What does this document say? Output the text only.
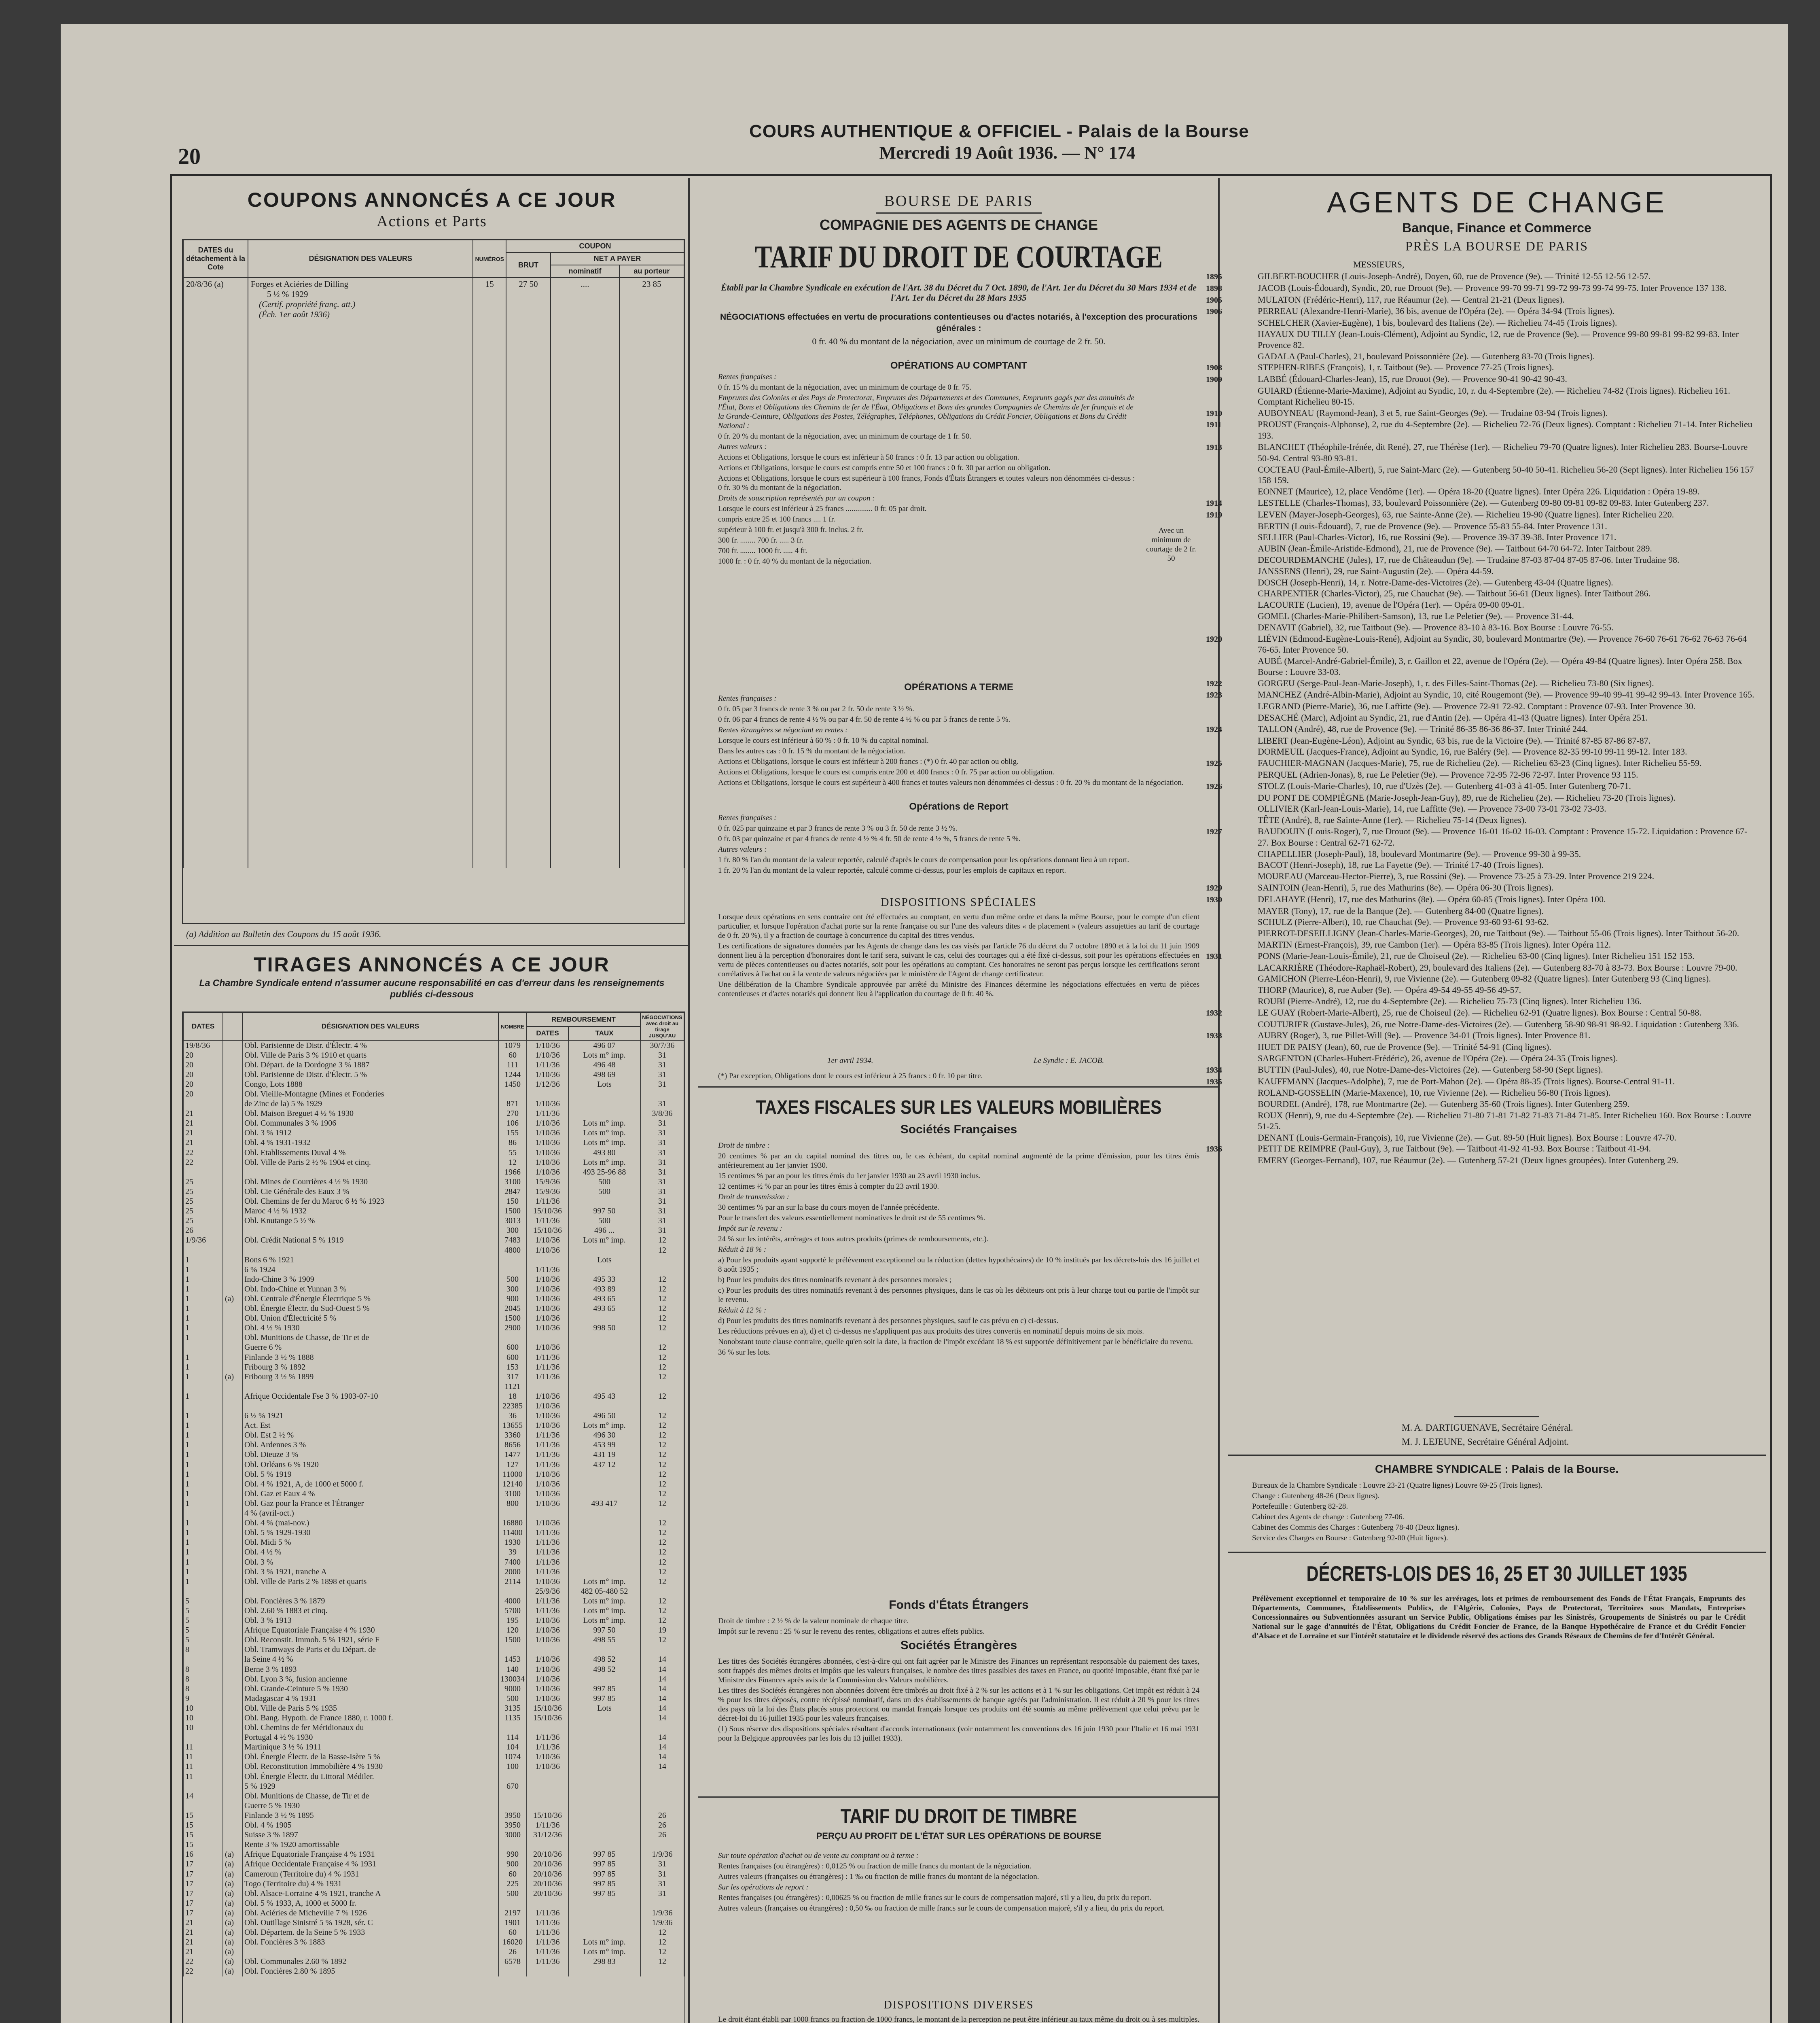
20
COURS AUTHENTIQUE & OFFICIEL - Palais de la Bourse
Mercredi 19 Août 1936. — N° 174
COUPONS ANNONCÉS A CE JOUR
Actions et Parts
DATES du détachement à la Cote	DÉSIGNATION DES VALEURS	NUMÉROS	COUPON		
			BRUT	NET A PAYER	
				nominatif	au porteur
20/8/36 (a)	Forges et Aciéries de Dilling
5 ½ % 1929
(Certif. propriété franç. att.)
(Éch. 1er août 1936)	15	27 50	....	23 85
(a) Addition au Bulletin des Coupons du 15 août 1936.
TIRAGES ANNONCÉS A CE JOUR
La Chambre Syndicale entend n'assumer aucune responsabilité en cas d'erreur dans les renseignements publiés ci-dessous
DATES		DÉSIGNATION DES VALEURS	NOMBRE	REMBOURSEMENT		NÉGOCIATIONS avec droit au tirage JUSQU'AU
				DATES	TAUX	
19/8/36		Obl. Parisienne de Distr. d'Électr. 4 %	1079	1/10/36	496 07	30/7/36
20		Obl. Ville de Paris 3 % 1910 et quarts	60	1/10/36	Lots m° imp.	31
20		Obl. Départ. de la Dordogne 3 % 1887	111	1/11/36	496 48	31
20		Obl. Parisienne de Distr. d'Électr. 5 %	1244	1/10/36	498 69	31
20		Congo, Lots 1888	1450	1/12/36	Lots	31
20		Obl. Vieille-Montagne (Mines et Fonderies				
		de Zinc de la) 5 % 1929	871	1/10/36		31
21		Obl. Maison Breguet 4 ½ % 1930	270	1/11/36		3/8/36
21		Obl. Communales 3 % 1906	106	1/10/36	Lots m° imp.	31
21		Obl. 3 % 1912	155	1/10/36	Lots m° imp.	31
21		Obl. 4 % 1931-1932	86	1/10/36	Lots m° imp.	31
22		Obl. Etablissements Duval 4 %	55	1/10/36	493 80	31
22		Obl. Ville de Paris 2 ½ % 1904 et cinq.	12	1/10/36	Lots m° imp.	31
			1966	1/10/36	493 25-96 88	31
25		Obl. Mines de Courrières 4 ½ % 1930	3100	15/9/36	500	31
25		Obl. Cie Générale des Eaux 3 %	2847	15/9/36	500	31
25		Obl. Chemins de fer du Maroc 6 ½ % 1923	150	1/11/36		31
25		Maroc 4 ½ % 1932	1500	15/10/36	997 50	31
25		Obl. Knutange 5 ½ %	3013	1/11/36	500	31
26			300	15/10/36	496 ...	31
1/9/36		Obl. Crédit National 5 % 1919	7483	1/10/36	Lots m° imp.	12
			4800	1/10/36		12
1		Bons 6 % 1921			Lots	
1		6 % 1924		1/11/36		
1		Indo-Chine 3 % 1909	500	1/10/36	495 33	12
1		Obl. Indo-Chine et Yunnan 3 %	300	1/10/36	493 89	12
1	(a)	Obl. Centrale d'Énergie Électrique 5 %	900	1/10/36	493 65	12
1		Obl. Énergie Électr. du Sud-Ouest 5 %	2045	1/10/36	493 65	12
1		Obl. Union d'Électricité 5 %	1500	1/10/36		12
1		Obl. 4 ½ % 1930	2900	1/10/36	998 50	12
1		Obl. Munitions de Chasse, de Tir et de				
		Guerre 6 %	600	1/10/36		12
1		Finlande 3 ½ % 1888	600	1/11/36		12
1		Fribourg 3 % 1892	153	1/11/36		12
1	(a)	Fribourg 3 ½ % 1899	317	1/11/36		12
			1121			
1		Afrique Occidentale Fse 3 % 1903-07-10	18	1/10/36	495 43	12
			22385	1/10/36		
1		6 ½ % 1921	36	1/10/36	496 50	12
1		Act. Est	13655	1/10/36	Lots m° imp.	12
1		Obl. Est 2 ½ %	3360	1/11/36	496 30	12
1		Obl. Ardennes 3 %	8656	1/11/36	453 99	12
1		Obl. Dieuze 3 %	1477	1/11/36	431 19	12
1		Obl. Orléans 6 % 1920	127	1/11/36	437 12	12
1		Obl. 5 % 1919	11000	1/10/36		12
1		Obl. 4 % 1921, A, de 1000 et 5000 f.	12140	1/10/36		12
1		Obl. Gaz et Eaux 4 %	3100	1/10/36		12
1		Obl. Gaz pour la France et l'Étranger	800	1/10/36	493 417	12
		4 % (avril-oct.)				
1		Obl. 4 % (mai-nov.)	16880	1/10/36		12
1		Obl. 5 % 1929-1930	11400	1/11/36		12
1		Obl. Midi 5 %	1930	1/11/36		12
1		Obl. 4 ½ %	39	1/11/36		12
1		Obl. 3 %	7400	1/11/36		12
1		Obl. 3 % 1921, tranche A	2000	1/11/36		12
1		Obl. Ville de Paris 2 % 1898 et quarts	2114	1/10/36	Lots m° imp.	12
				25/9/36	482 05-480 52	
5		Obl. Foncières 3 % 1879	4000	1/11/36	Lots m° imp.	12
5		Obl. 2.60 % 1883 et cinq.	5700	1/11/36	Lots m° imp.	12
5		Obl. 3 % 1913	195	1/10/36	Lots m° imp.	12
5		Afrique Equatoriale Française 4 % 1930	120	1/10/36	997 50	19
5		Obl. Reconstit. Immob. 5 % 1921, série F	1500	1/10/36	498 55	12
8		Obl. Tramways de Paris et du Départ. de				
		la Seine 4 ½ %	1453	1/10/36	498 52	14
8		Berne 3 % 1893	140	1/10/36	498 52	14
8		Obl. Lyon 3 %, fusion ancienne	130034	1/10/36		14
8		Obl. Grande-Ceinture 5 % 1930	9000	1/10/36	997 85	14
9		Madagascar 4 % 1931	500	1/10/36	997 85	14
10		Obl. Ville de Paris 5 % 1935	3135	15/10/36	Lots	14
10		Obl. Bang. Hypoth. de France 1880, r. 1000 f.	1135	15/10/36		14
10		Obl. Chemins de fer Méridionaux du				
		Portugal 4 ½ % 1930	114	1/11/36		14
11		Martinique 3 ½ % 1911	104	1/11/36		14
11		Obl. Énergie Électr. de la Basse-Isère 5 %	1074	1/10/36		14
11		Obl. Reconstitution Immobilière 4 % 1930	100	1/10/36		14
11		Obl. Énergie Électr. du Littoral Médiler.				
		5 % 1929	670			
14		Obl. Munitions de Chasse, de Tir et de				
		Guerre 5 % 1930				
15		Finlande 3 ½ % 1895	3950	15/10/36		26
15		Obl. 4 % 1905	3950	1/11/36		26
15		Suisse 3 % 1897	3000	31/12/36		26
15		Rente 3 % 1920 amortissable				
16	(a)	Afrique Equatoriale Française 4 % 1931	990	20/10/36	997 85	1/9/36
17	(a)	Afrique Occidentale Française 4 % 1931	900	20/10/36	997 85	31
17	(a)	Cameroun (Territoire du) 4 % 1931	60	20/10/36	997 85	31
17	(a)	Togo (Territoire du) 4 % 1931	225	20/10/36	997 85	31
17	(a)	Obl. Alsace-Lorraine 4 % 1921, tranche A	500	20/10/36	997 85	31
17	(a)	Obl. 5 % 1933, A, 1000 et 5000 fr.				
17	(a)	Obl. Aciéries de Micheville 7 % 1926	2197	1/11/36		1/9/36
21	(a)	Obl. Outillage Sinistré 5 % 1928, sér. C	1901	1/11/36		1/9/36
21	(a)	Obl. Départem. de la Seine 5 % 1933	60	1/11/36		12
21	(a)	Obl. Foncières 3 % 1883	16020	1/11/36	Lots m° imp.	12
21	(a)		26	1/11/36	Lots m° imp.	12
22	(a)	Obl. Communales 2.60 % 1892	6578	1/11/36	298 83	12
22	(a)	Obl. Foncières 2.80 % 1895				
BOURSE DE PARIS
COMPAGNIE DES AGENTS DE CHANGE
TARIF DU DROIT DE COURTAGE
Établi par la Chambre Syndicale en exécution de l'Art. 38 du Décret du 7 Oct. 1890, de l'Art. 1er du Décret du 30 Mars 1934 et de l'Art. 1er du Décret du 28 Mars 1935
NÉGOCIATIONS effectuées en vertu de procurations contentieuses ou d'actes notariés, à l'exception des procurations générales :
0 fr. 40 % du montant de la négociation, avec un minimum de courtage de 2 fr. 50.
OPÉRATIONS AU COMPTANT
Rentes françaises :
0 fr. 15 % du montant de la négociation, avec un minimum de courtage de 0 fr. 75.
Emprunts des Colonies et des Pays de Protectorat, Emprunts des Départements et des Communes, Emprunts gagés par des annuités de l'État, Bons et Obligations des Chemins de fer de l'État, Obligations et Bons des grandes Compagnies de Chemins de fer français et de la Grande-Ceinture, Obligations des Postes, Télégraphes, Téléphones, Obligations du Crédit Foncier, Obligations et Bons du Crédit National :
0 fr. 20 % du montant de la négociation, avec un minimum de courtage de 1 fr. 50.
Autres valeurs :
Actions et Obligations, lorsque le cours est inférieur à 50 francs : 0 fr. 13 par action ou obligation.
Actions et Obligations, lorsque le cours est compris entre 50 et 100 francs : 0 fr. 30 par action ou obligation.
Actions et Obligations, lorsque le cours est supérieur à 100 francs, Fonds d'États Étrangers et toutes valeurs non dénommées ci-dessus : 0 fr. 30 % du montant de la négociation.
Droits de souscription représentés par un coupon :
Lorsque le cours est inférieur à 25 francs .............. 0 fr. 05 par droit.
compris entre 25 et 100 francs .... 1 fr.
supérieur à 100 fr. et jusqu'à 300 fr. inclus. 2 fr.
300 fr. ........ 700 fr. ..... 3 fr.
700 fr. ........ 1000 fr. ..... 4 fr.
1000 fr. : 0 fr. 40 % du montant de la négociation.
Avec un minimum de courtage de 2 fr. 50
OPÉRATIONS A TERME
Rentes françaises :
0 fr. 05 par 3 francs de rente 3 % ou par 2 fr. 50 de rente 3 ½ %.
0 fr. 06 par 4 francs de rente 4 ½ % ou par 4 fr. 50 de rente 4 ½ % ou par 5 francs de rente 5 %.
Rentes étrangères se négociant en rentes :
Lorsque le cours est inférieur à 60 % : 0 fr. 10 % du capital nominal.
Dans les autres cas : 0 fr. 15 % du montant de la négociation.
Actions et Obligations, lorsque le cours est inférieur à 200 francs : (*) 0 fr. 40 par action ou oblig.
Actions et Obligations, lorsque le cours est compris entre 200 et 400 francs : 0 fr. 75 par action ou obligation.
Actions et Obligations, lorsque le cours est supérieur à 400 francs et toutes valeurs non dénommées ci-dessus : 0 fr. 20 % du montant de la négociation.
Opérations de Report
Rentes françaises :
0 fr. 025 par quinzaine et par 3 francs de rente 3 % ou 3 fr. 50 de rente 3 ½ %.
0 fr. 03 par quinzaine et par 4 francs de rente 4 ½ % 4 fr. 50 de rente 4 ½ %, 5 francs de rente 5 %.
Autres valeurs :
1 fr. 80 % l'an du montant de la valeur reportée, calculé d'après le cours de compensation pour les opérations donnant lieu à un report.
1 fr. 20 % l'an du montant de la valeur reportée, calculé comme ci-dessus, pour les emplois de capitaux en report.
DISPOSITIONS SPÉCIALES
Lorsque deux opérations en sens contraire ont été effectuées au comptant, en vertu d'un même ordre et dans la même Bourse, pour le compte d'un client particulier, et lorsque l'opération d'achat porte sur la rente française ou sur l'une des valeurs dites « de placement » (valeurs assujetties au tarif de courtage de 0 fr. 20 %), il y a fraction de courtage à concurrence du capital des titres vendus.
Les certifications de signatures données par les Agents de change dans les cas visés par l'article 76 du décret du 7 octobre 1890 et à la loi du 11 juin 1909 donnent lieu à la perception d'honoraires dont le tarif sera, suivant le cas, celui des courtages qui a été fixé ci-dessus, soit pour les opérations effectuées en vertu de pièces contentieuses ou d'actes notariés, soit pour les opérations au comptant. Ces honoraires ne seront pas perçus lorsque les certifications seront corrélatives à l'achat ou à la vente de valeurs négociées par le ministère de l'Agent de change certificateur.
Une délibération de la Chambre Syndicale approuvée par arrêté du Ministre des Finances détermine les négociations effectuées en vertu de pièces contentieuses et d'actes notariés qui donnent lieu à l'application du courtage de 0 fr. 40 %.
1er avril 1934.	Le Syndic : E. JACOB.
(*) Par exception, Obligations dont le cours est inférieur à 25 francs : 0 fr. 10 par titre.
TAXES FISCALES SUR LES VALEURS MOBILIÈRES
Sociétés Françaises
Droit de timbre :
20 centimes % par an du capital nominal des titres ou, le cas échéant, du capital nominal augmenté de la prime d'émission, pour les titres émis antérieurement au 1er janvier 1930.
15 centimes % par an pour les titres émis du 1er janvier 1930 au 23 avril 1930 inclus.
12 centimes ½ % par an pour les titres émis à compter du 23 avril 1930.
Droit de transmission :
30 centimes % par an sur la base du cours moyen de l'année précédente.
Pour le transfert des valeurs essentiellement nominatives le droit est de 55 centimes %.
Impôt sur le revenu :
24 % sur les intérêts, arrérages et tous autres produits (primes de remboursements, etc.).
Réduit à 18 % :
a) Pour les produits ayant supporté le prélèvement exceptionnel ou la réduction (dettes hypothécaires) de 10 % institués par les décrets-lois des 16 juillet et 8 août 1935 ;
b) Pour les produits des titres nominatifs revenant à des personnes morales ;
c) Pour les produits des titres nominatifs revenant à des personnes physiques, dans le cas où les débiteurs ont pris à leur charge tout ou partie de l'impôt sur le revenu.
Réduit à 12 % :
d) Pour les produits des titres nominatifs revenant à des personnes physiques, sauf le cas prévu en c) ci-dessus.
Les réductions prévues en a), d) et c) ci-dessus ne s'appliquent pas aux produits des titres convertis en nominatif depuis moins de six mois.
Nonobstant toute clause contraire, quelle qu'en soit la date, la fraction de l'impôt excédant 18 % est supportée définitivement par le bénéficiaire du revenu.
36 % sur les lots.
Fonds d'États Étrangers
Droit de timbre : 2 ½ % de la valeur nominale de chaque titre.
Impôt sur le revenu : 25 % sur le revenu des rentes, obligations et autres effets publics.
Sociétés Étrangères
Les titres des Sociétés étrangères abonnées, c'est-à-dire qui ont fait agréer par le Ministre des Finances un représentant responsable du paiement des taxes, sont frappés des mêmes droits et impôts que les valeurs françaises, le nombre des titres passibles des taxes en France, ou quotité imposable, étant fixé par le Ministre des Finances après avis de la Commission des Valeurs mobilières.
Les titres des Sociétés étrangères non abonnées doivent être timbrés au droit fixé à 2 % sur les actions et à 1 % sur les obligations. Cet impôt est réduit à 24 % pour les titres déposés, contre récépissé nominatif, dans un des établissements de banque agréés par l'administration. Il est réduit à 20 % pour les titres des pays où la loi des États placés sous protectorat ou mandat français lorsque ces produits ont été soumis au même prélèvement que celui prévu par le décret-loi du 16 juillet 1935 pour les valeurs françaises.
(1) Sous réserve des dispositions spéciales résultant d'accords internationaux (voir notamment les conventions des 16 juin 1930 pour l'Italie et 16 mai 1931 pour la Belgique approuvées par les lois du 13 juillet 1933).
TARIF DU DROIT DE TIMBRE
PERÇU AU PROFIT DE L'ÉTAT SUR LES OPÉRATIONS DE BOURSE
Sur toute opération d'achat ou de vente au comptant ou à terme :
Rentes françaises (ou étrangères) : 0,0125 % ou fraction de mille francs du montant de la négociation.
Autres valeurs (françaises ou étrangères) : 1 ‰ ou fraction de mille francs du montant de la négociation.
Sur les opérations de report :
Rentes françaises (ou étrangères) : 0,00625 % ou fraction de mille francs sur le cours de compensation majoré, s'il y a lieu, du prix du report.
Autres valeurs (françaises ou étrangères) : 0,50 ‰ ou fraction de mille francs sur le cours de compensation majoré, s'il y a lieu, du prix du report.
DISPOSITIONS DIVERSES
Le droit étant établi par 1000 francs ou fraction de 1000 francs, le montant de la perception ne peut être inférieur au taux même du droit ou à ses multiples.
AGENTS DE CHANGE
Banque, Finance et Commerce
PRÈS LA BOURSE DE PARIS
MESSIEURS,
1895	GILBERT-BOUCHER (Louis-Joseph-André), Doyen, 60, rue de Provence (9e). — Trinité 12-55 12-56 12-57.
1898	JACOB (Louis-Édouard), Syndic, 20, rue Drouot (9e). — Provence 99-70 99-71 99-72 99-73 99-74 99-75. Inter Provence 137 138.
1905	MULATON (Frédéric-Henri), 117, rue Réaumur (2e). — Central 21-21 (Deux lignes).
1906	PERREAU (Alexandre-Henri-Marie), 36 bis, avenue de l'Opéra (2e). — Opéra 34-94 (Trois lignes).
SCHELCHER (Xavier-Eugène), 1 bis, boulevard des Italiens (2e). — Richelieu 74-45 (Trois lignes).
HAYAUX DU TILLY (Jean-Louis-Clément), Adjoint au Syndic, 12, rue de Provence (9e). — Provence 99-80 99-81 99-82 99-83. Inter Provence 82.
GADALA (Paul-Charles), 21, boulevard Poissonnière (2e). — Gutenberg 83-70 (Trois lignes).
1908	STEPHEN-RIBES (François), 1, r. Taitbout (9e). — Provence 77-25 (Trois lignes).
1909	LABBÉ (Édouard-Charles-Jean), 15, rue Drouot (9e). — Provence 90-41 90-42 90-43.
GUIARD (Étienne-Marie-Maxime), Adjoint au Syndic, 10, r. du 4-Septembre (2e). — Richelieu 74-82 (Trois lignes). Richelieu 161. Comptant Richelieu 80-15.
1910	AUBOYNEAU (Raymond-Jean), 3 et 5, rue Saint-Georges (9e). — Trudaine 03-94 (Trois lignes).
1911	PROUST (François-Alphonse), 2, rue du 4-Septembre (2e). — Richelieu 72-76 (Deux lignes). Comptant : Richelieu 71-14. Inter Richelieu 193.
1913	BLANCHET (Théophile-Irénée, dit René), 27, rue Thérèse (1er). — Richelieu 79-70 (Quatre lignes). Inter Richelieu 283. Bourse-Louvre 50-94. Central 93-80 93-81.
COCTEAU (Paul-Émile-Albert), 5, rue Saint-Marc (2e). — Gutenberg 50-40 50-41. Richelieu 56-20 (Sept lignes). Inter Richelieu 156 157 158 159.
EONNET (Maurice), 12, place Vendôme (1er). — Opéra 18-20 (Quatre lignes). Inter Opéra 226. Liquidation : Opéra 19-89.
1914	LESTELLE (Charles-Thomas), 33, boulevard Poissonnière (2e). — Gutenberg 09-80 09-81 09-82 09-83. Inter Gutenberg 237.
1919	LEVEN (Mayer-Joseph-Georges), 63, rue Sainte-Anne (2e). — Richelieu 19-90 (Quatre lignes). Inter Richelieu 220.
BERTIN (Louis-Édouard), 7, rue de Provence (9e). — Provence 55-83 55-84. Inter Provence 131.
SELLIER (Paul-Charles-Victor), 16, rue Rossini (9e). — Provence 39-37 39-38. Inter Provence 171.
AUBIN (Jean-Émile-Aristide-Edmond), 21, rue de Provence (9e). — Taitbout 64-70 64-72. Inter Taitbout 289.
DECOURDEMANCHE (Jules), 17, rue de Châteaudun (9e). — Trudaine 87-03 87-04 87-05 87-06. Inter Trudaine 98.
JANSSENS (Henri), 29, rue Saint-Augustin (2e). — Opéra 44-59.
DOSCH (Joseph-Henri), 14, r. Notre-Dame-des-Victoires (2e). — Gutenberg 43-04 (Quatre lignes).
CHARPENTIER (Charles-Victor), 25, rue Chauchat (9e). — Taitbout 56-61 (Deux lignes). Inter Taitbout 286.
LACOURTE (Lucien), 19, avenue de l'Opéra (1er). — Opéra 09-00 09-01.
GOMEL (Charles-Marie-Philibert-Samson), 13, rue Le Peletier (9e). — Provence 31-44.
DENAVIT (Gabriel), 32, rue Taitbout (9e). — Provence 83-10 à 83-16. Box Bourse : Louvre 76-55.
1920	LIÉVIN (Edmond-Eugène-Louis-René), Adjoint au Syndic, 30, boulevard Montmartre (9e). — Provence 76-60 76-61 76-62 76-63 76-64 76-65. Inter Provence 50.
AUBÉ (Marcel-André-Gabriel-Émile), 3, r. Gaillon et 22, avenue de l'Opéra (2e). — Opéra 49-84 (Quatre lignes). Inter Opéra 258. Box Bourse : Louvre 33-03.
1922	GORGEU (Serge-Paul-Jean-Marie-Joseph), 1, r. des Filles-Saint-Thomas (2e). — Richelieu 73-80 (Six lignes).
1923	MANCHEZ (André-Albin-Marie), Adjoint au Syndic, 10, cité Rougemont (9e). — Provence 99-40 99-41 99-42 99-43. Inter Provence 165.
LEGRAND (Pierre-Marie), 36, rue Laffitte (9e). — Provence 72-91 72-92. Comptant : Provence 07-93. Inter Provence 30.
DESACHÉ (Marc), Adjoint au Syndic, 21, rue d'Antin (2e). — Opéra 41-43 (Quatre lignes). Inter Opéra 251.
1924	TALLON (André), 48, rue de Provence (9e). — Trinité 86-35 86-36 86-37. Inter Trinité 244.
LIBERT (Jean-Eugène-Léon), Adjoint au Syndic, 63 bis, rue de la Victoire (9e). — Trinité 87-85 87-86 87-87.
DORMEUIL (Jacques-France), Adjoint au Syndic, 16, rue Baléry (9e). — Provence 82-35 99-10 99-11 99-12. Inter 183.
1925	FAUCHIER-MAGNAN (Jacques-Marie), 75, rue de Richelieu (2e). — Richelieu 63-23 (Cinq lignes). Inter Richelieu 55-59.
PERQUEL (Adrien-Jonas), 8, rue Le Peletier (9e). — Provence 72-95 72-96 72-97. Inter Provence 93 115.
1926	STOLZ (Louis-Marie-Charles), 10, rue d'Uzès (2e). — Gutenberg 41-03 à 41-05. Inter Gutenberg 70-71.
DU PONT DE COMPIÈGNE (Marie-Joseph-Jean-Guy), 89, rue de Richelieu (2e). — Richelieu 73-20 (Trois lignes).
OLLIVIER (Karl-Jean-Louis-Marie), 14, rue Laffitte (9e). — Provence 73-00 73-01 73-02 73-03.
TÊTE (André), 8, rue Sainte-Anne (1er). — Richelieu 75-14 (Deux lignes).
1927	BAUDOUIN (Louis-Roger), 7, rue Drouot (9e). — Provence 16-01 16-02 16-03. Comptant : Provence 15-72. Liquidation : Provence 67-27. Box Bourse : Central 62-71 62-72.
CHAPELLIER (Joseph-Paul), 18, boulevard Montmartre (9e). — Provence 99-30 à 99-35.
BACOT (Henri-Joseph), 18, rue La Fayette (9e). — Trinité 17-40 (Trois lignes).
MOUREAU (Marceau-Hector-Pierre), 3, rue Rossini (9e). — Provence 73-25 à 73-29. Inter Provence 219 224.
1929	SAINTOIN (Jean-Henri), 5, rue des Mathurins (8e). — Opéra 06-30 (Trois lignes).
1930	DELAHAYE (Henri), 17, rue des Mathurins (8e). — Opéra 60-85 (Trois lignes). Inter Opéra 100.
MAYER (Tony), 17, rue de la Banque (2e). — Gutenberg 84-00 (Quatre lignes).
SCHULZ (Pierre-Albert), 10, rue Chauchat (9e). — Provence 93-60 93-61 93-62.
PIERROT-DESEILLIGNY (Jean-Charles-Marie-Georges), 20, rue Taitbout (9e). — Taitbout 55-06 (Trois lignes). Inter Taitbout 56-20.
MARTIN (Ernest-François), 39, rue Cambon (1er). — Opéra 83-85 (Trois lignes). Inter Opéra 112.
1931	PONS (Marie-Jean-Louis-Émile), 21, rue de Choiseul (2e). — Richelieu 63-00 (Cinq lignes). Inter Richelieu 151 152 153.
LACARRIÈRE (Théodore-Raphaël-Robert), 29, boulevard des Italiens (2e). — Gutenberg 83-70 à 83-73. Box Bourse : Louvre 79-00.
GAMICHON (Pierre-Léon-Henri), 9, rue Vivienne (2e). — Gutenberg 09-82 (Quatre lignes). Inter Gutenberg 93 (Cinq lignes).
THORP (Maurice), 8, rue Auber (9e). — Opéra 49-54 49-55 49-56 49-57.
ROUBI (Pierre-André), 12, rue du 4-Septembre (2e). — Richelieu 75-73 (Cinq lignes). Inter Richelieu 136.
1932	LE GUAY (Robert-Marie-Albert), 25, rue de Choiseul (2e). — Richelieu 62-91 (Quatre lignes). Box Bourse : Central 50-88.
COUTURIER (Gustave-Jules), 26, rue Notre-Dame-des-Victoires (2e). — Gutenberg 58-90 98-91 98-92. Liquidation : Gutenberg 336.
1933	AUBRY (Roger), 3, rue Pillet-Will (9e). — Provence 34-01 (Trois lignes). Inter Provence 81.
HUET DE PAISY (Jean), 60, rue de Provence (9e). — Trinité 54-91 (Cinq lignes).
SARGENTON (Charles-Hubert-Frédéric), 26, avenue de l'Opéra (2e). — Opéra 24-35 (Trois lignes).
1934	BUTTIN (Paul-Jules), 40, rue Notre-Dame-des-Victoires (2e). — Gutenberg 58-90 (Sept lignes).
1935	KAUFFMANN (Jacques-Adolphe), 7, rue de Port-Mahon (2e). — Opéra 88-35 (Trois lignes). Bourse-Central 91-11.
ROLAND-GOSSELIN (Marie-Maxence), 10, rue Vivienne (2e). — Richelieu 56-80 (Trois lignes).
BOURDEL (André), 178, rue Montmartre (2e). — Gutenberg 35-60 (Trois lignes). Inter Gutenberg 259.
ROUX (Henri), 9, rue du 4-Septembre (2e). — Richelieu 71-80 71-81 71-82 71-83 71-84 71-85. Inter Richelieu 160. Box Bourse : Louvre 51-25.
DENANT (Louis-Germain-François), 10, rue Vivienne (2e). — Gut. 89-50 (Huit lignes). Box Bourse : Louvre 47-70.
1936	PETIT DE REIMPRE (Paul-Guy), 3, rue Taitbout (9e). — Taitbout 41-92 41-93. Box Bourse : Taitbout 41-94.
EMERY (Georges-Fernand), 107, rue Réaumur (2e). — Gutenberg 57-21 (Deux lignes groupées). Inter Gutenberg 29.
M. A. DARTIGUENAVE, Secrétaire Général.
M. J. LEJEUNE, Secrétaire Général Adjoint.
CHAMBRE SYNDICALE : Palais de la Bourse.
Bureaux de la Chambre Syndicale : Louvre 23-21 (Quatre lignes) Louvre 69-25 (Trois lignes).
Change : Gutenberg 48-26 (Deux lignes).
Portefeuille : Gutenberg 82-28.
Cabinet des Agents de change : Gutenberg 77-06.
Cabinet des Commis des Charges : Gutenberg 78-40 (Deux lignes).
Service des Charges en Bourse : Gutenberg 92-00 (Huit lignes).
DÉCRETS-LOIS DES 16, 25 ET 30 JUILLET 1935
Prélèvement exceptionnel et temporaire de 10 % sur les arrérages, lots et primes de remboursement des Fonds de l'État Français, Emprunts des Départements, Communes, Établissements Publics, de l'Algérie, Colonies, Pays de Protectorat, Territoires sous Mandats, Entreprises Concessionnaires ou Subventionnées assurant un Service Public, Obligations émises par les Sinistrés, Groupements de Sinistrés ou par le Crédit National sur le gage d'annuités de l'État, Obligations du Crédit Foncier de France, de la Banque Hypothécaire de France et du Crédit Foncier d'Alsace et de Lorraine et sur l'intérêt statutaire et le dividende réservé des actions des Grands Réseaux de Chemins de fer d'Intérêt Général.
